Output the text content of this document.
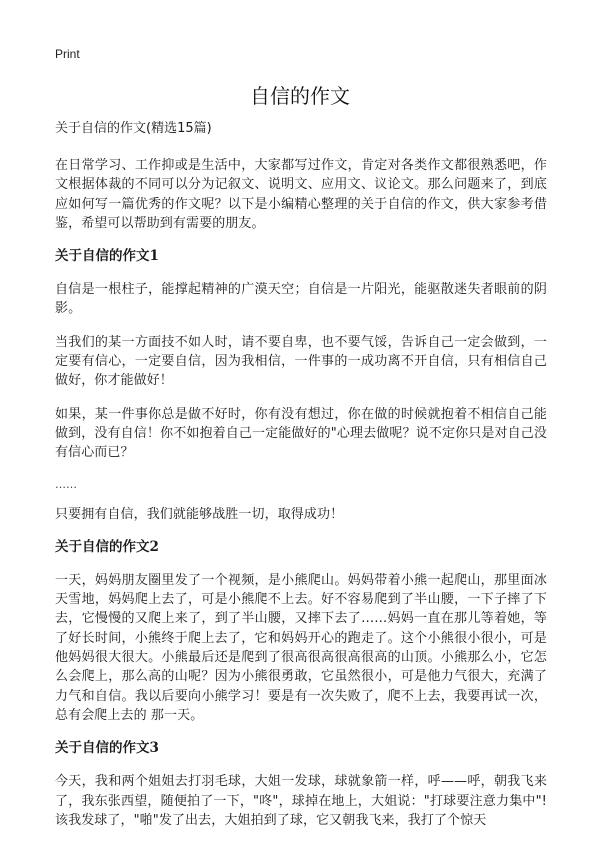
Print
自信的作文
关于自信的作文(精选15篇)

在日常学习、工作抑或是生活中，大家都写过作文，肯定对各类作文都很熟悉吧，作文根据体裁的不同可以分为记叙文、说明文、应用文、议论文。那么问题来了，到底应如何写一篇优秀的作文呢？以下是小编精心整理的关于自信的作文，供大家参考借鉴，希望可以帮助到有需要的朋友。

关于自信的作文1

自信是一根柱子，能撑起精神的广漠天空；自信是一片阳光，能驱散迷失者眼前的阴影。

当我们的某一方面技不如人时，请不要自卑，也不要气馁，告诉自己一定会做到，一定要有信心，一定要自信，因为我相信，一件事的一成功离不开自信，只有相信自己做好，你才能做好！

如果，某一件事你总是做不好时，你有没有想过，你在做的时候就抱着不相信自己能做到，没有自信！你不如抱着自己一定能做好的"心理去做呢？说不定你只是对自己没有信心而已？

……

只要拥有自信，我们就能够战胜一切，取得成功！

关于自信的作文2

一天，妈妈朋友圈里发了一个视频，是小熊爬山。妈妈带着小熊一起爬山，那里面冰天雪地，妈妈爬上去了，可是小熊爬不上去。好不容易爬到了半山腰，一下子摔了下去，它慢慢的又爬上来了，到了半山腰，又摔下去了……妈妈一直在那儿等着她，等了好长时间，小熊终于爬上去了，它和妈妈开心的跑走了。这个小熊很小很小，可是他妈妈很大很大。小熊最后还是爬到了很高很高很高很高的山顶。小熊那么小，它怎么会爬上，那么高的山呢？因为小熊很勇敢，它虽然很小，可是他力气很大，充满了力气和自信。我以后要向小熊学习！要是有一次失败了，爬不上去，我要再试一次，总有会爬上去的 那一天。

关于自信的作文3

今天，我和两个姐姐去打羽毛球，大姐一发球，球就象箭一样，呼——呼，朝我飞来了，我东张西望，随便拍了一下，"咚"，球掉在地上，大姐说："打球要注意力集中"!该我发球了，"啪"发了出去，大姐拍到了球，它又朝我飞来，我打了个惊天
